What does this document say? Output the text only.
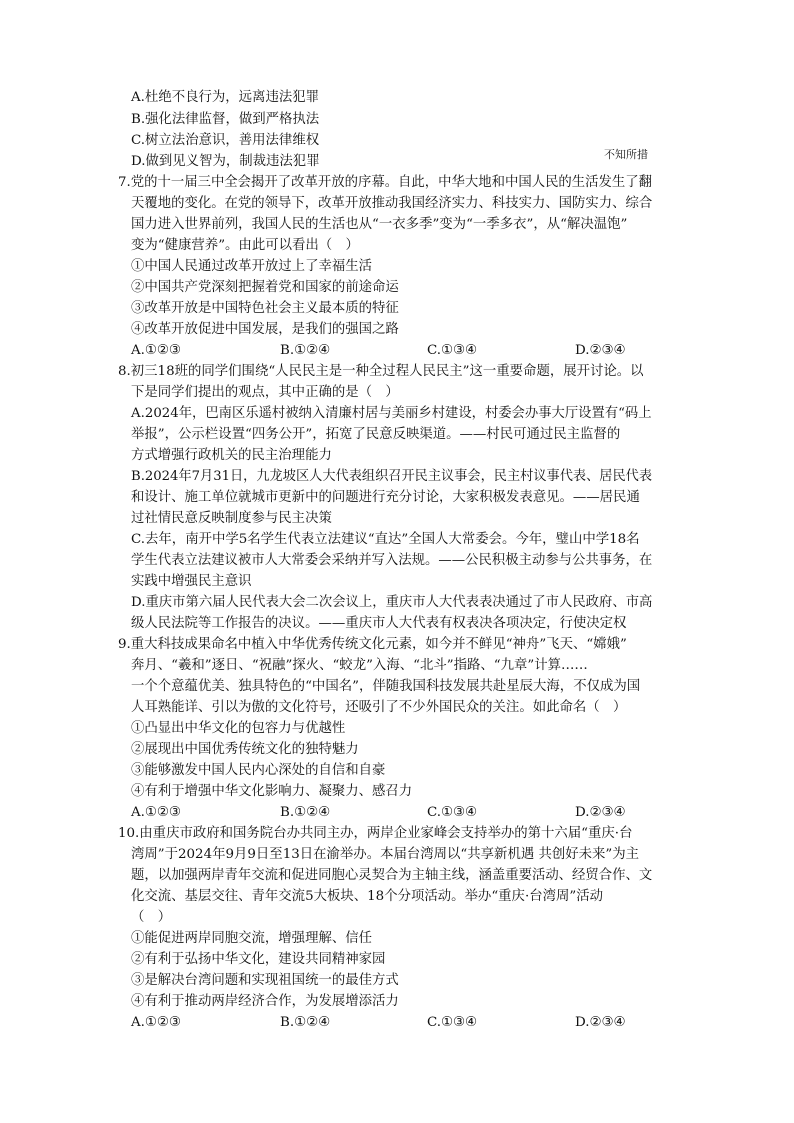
A.杜绝不良行为，远离违法犯罪
B.强化法律监督，做到严格执法
C.树立法治意识，善用法律维权
D.做到见义智为，制裁违法犯罪	不知所措
7.党的十一届三中全会揭开了改革开放的序幕。自此，中华大地和中国人民的生活发生了翻
天覆地的变化。在党的领导下，改革开放推动我国经济实力、科技实力、国防实力、综合
国力进入世界前列，我国人民的生活也从“一衣多季”变为“一季多衣”，从“解决温饱”
变为“健康营养”。由此可以看出（　）
①中国人民通过改革开放过上了幸福生活
②中国共产党深刻把握着党和国家的前途命运
③改革开放是中国特色社会主义最本质的特征
④改革开放促进中国发展，是我们的强国之路
A.①②③	B.①②④	C.①③④	D.②③④
8.初三18班的同学们围绕“人民民主是一种全过程人民民主”这一重要命题，展开讨论。以
下是同学们提出的观点，其中正确的是（　）
A.2024年，巴南区乐遥村被纳入清廉村居与美丽乡村建设，村委会办事大厅设置有“码上
举报”，公示栏设置“四务公开”，拓宽了民意反映渠道。——村民可通过民主监督的
方式增强行政机关的民主治理能力
B.2024年7月31日，九龙坡区人大代表组织召开民主议事会，民主村议事代表、居民代表
和设计、施工单位就城市更新中的问题进行充分讨论，大家积极发表意见。——居民通
过社情民意反映制度参与民主决策
C.去年，南开中学5名学生代表立法建议“直达”全国人大常委会。今年，璧山中学18名
学生代表立法建议被市人大常委会采纳并写入法规。——公民积极主动参与公共事务，在
实践中增强民主意识
D.重庆市第六届人民代表大会二次会议上，重庆市人大代表表决通过了市人民政府、市高
级人民法院等工作报告的决议。——重庆市人大代表有权表决各项决定，行使决定权
9.重大科技成果命名中植入中华优秀传统文化元素，如今并不鲜见“神舟”飞天、“嫦娥”
奔月、“羲和”逐日、“祝融”探火、“蛟龙”入海、“北斗”指路、“九章”计算……
一个个意蕴优美、独具特色的“中国名”，伴随我国科技发展共赴星辰大海，不仅成为国
人耳熟能详、引以为傲的文化符号，还吸引了不少外国民众的关注。如此命名（　）
①凸显出中华文化的包容力与优越性
②展现出中国优秀传统文化的独特魅力
③能够激发中国人民内心深处的自信和自豪
④有利于增强中华文化影响力、凝聚力、感召力
A.①②③	B.①②④	C.①③④	D.②③④
10.由重庆市政府和国务院台办共同主办，两岸企业家峰会支持举办的第十六届“重庆·台
湾周”于2024年9月9日至13日在渝举办。本届台湾周以“共享新机遇 共创好未来”为主
题，以加强两岸青年交流和促进同胞心灵契合为主轴主线，涵盖重要活动、经贸合作、文
化交流、基层交往、青年交流5大板块、18个分项活动。举办“重庆·台湾周”活动
（　）
①能促进两岸同胞交流，增强理解、信任
②有利于弘扬中华文化，建设共同精神家园
③是解决台湾问题和实现祖国统一的最佳方式
④有利于推动两岸经济合作，为发展增添活力
A.①②③	B.①②④	C.①③④	D.②③④
